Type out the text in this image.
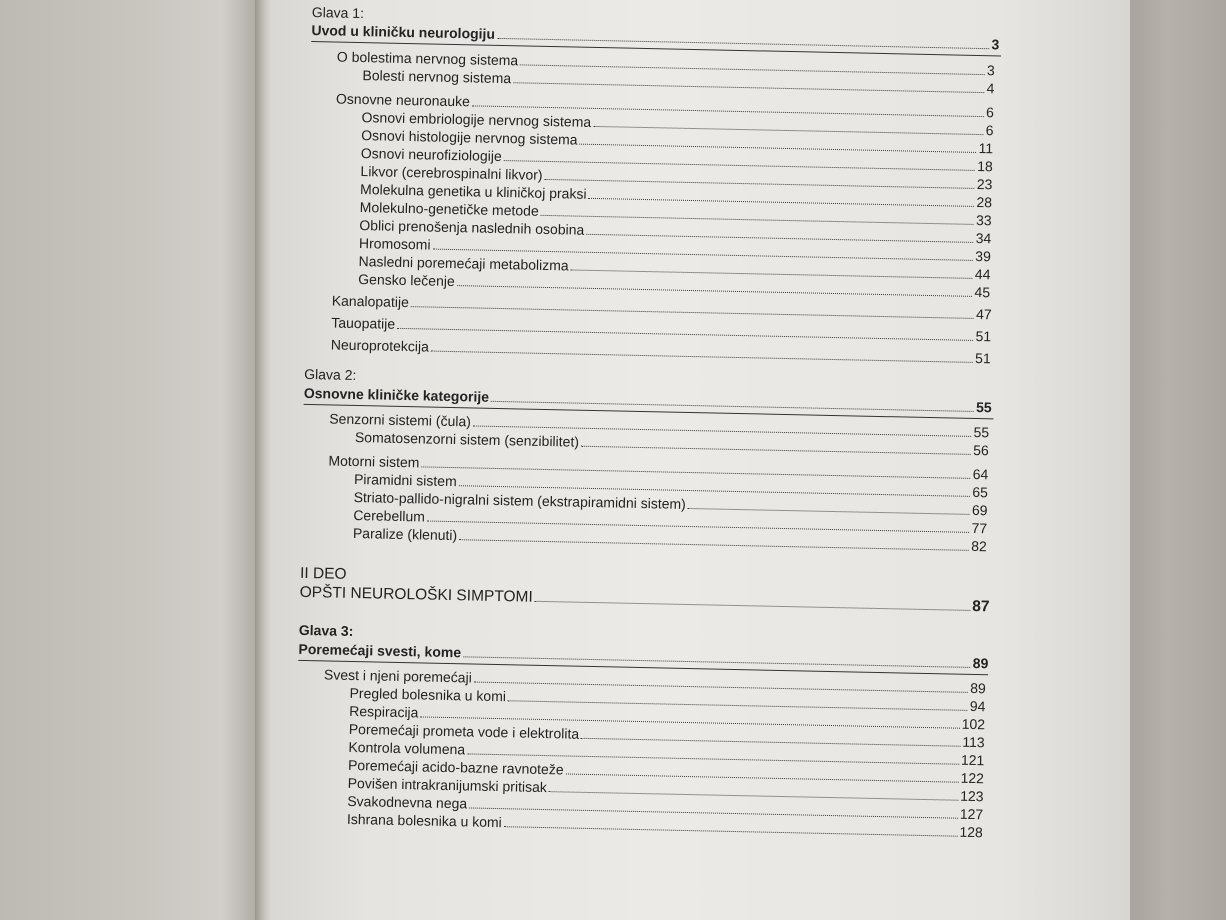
Glava 1:
Uvod u kliničku neurologiju
3
O bolestima nervnog sistema
3
Bolesti nervnog sistema
4
Osnovne neuronauke
6
Osnovi embriologije nervnog sistema
6
Osnovi histologije nervnog sistema
11
Osnovi neurofiziologije
18
Likvor (cerebrospinalni likvor)
23
Molekulna genetika u kliničkoj praksi
28
Molekulno-genetičke metode
33
Oblici prenošenja naslednih osobina
34
Hromosomi
39
Nasledni poremećaji metabolizma
44
Gensko lečenje
45
Kanalopatije
47
Tauopatije
51
Neuroprotekcija
51
Glava 2:
Osnovne kliničke kategorije
55
Senzorni sistemi (čula)
55
Somatosenzorni sistem (senzibilitet)
56
Motorni sistem
64
Piramidni sistem
65
Striato-pallido-nigralni sistem (ekstrapiramidni sistem)	69
Cerebellum
77
Paralize (klenuti)
82
II DEO
OPŠTI NEUROLOŠKI SIMPTOMI
87
Glava 3:
Poremećaji svesti, kome
89
Svest i njeni poremećaji
89
Pregled bolesnika u komi
94
Respiracija
102
Poremećaji prometa vode i elektrolita
113
Kontrola volumena
121
Poremećaji acido-bazne ravnoteže
122
Povišen intrakranijumski pritisak
123
Svakodnevna nega
127
Ishrana bolesnika u komi
128
